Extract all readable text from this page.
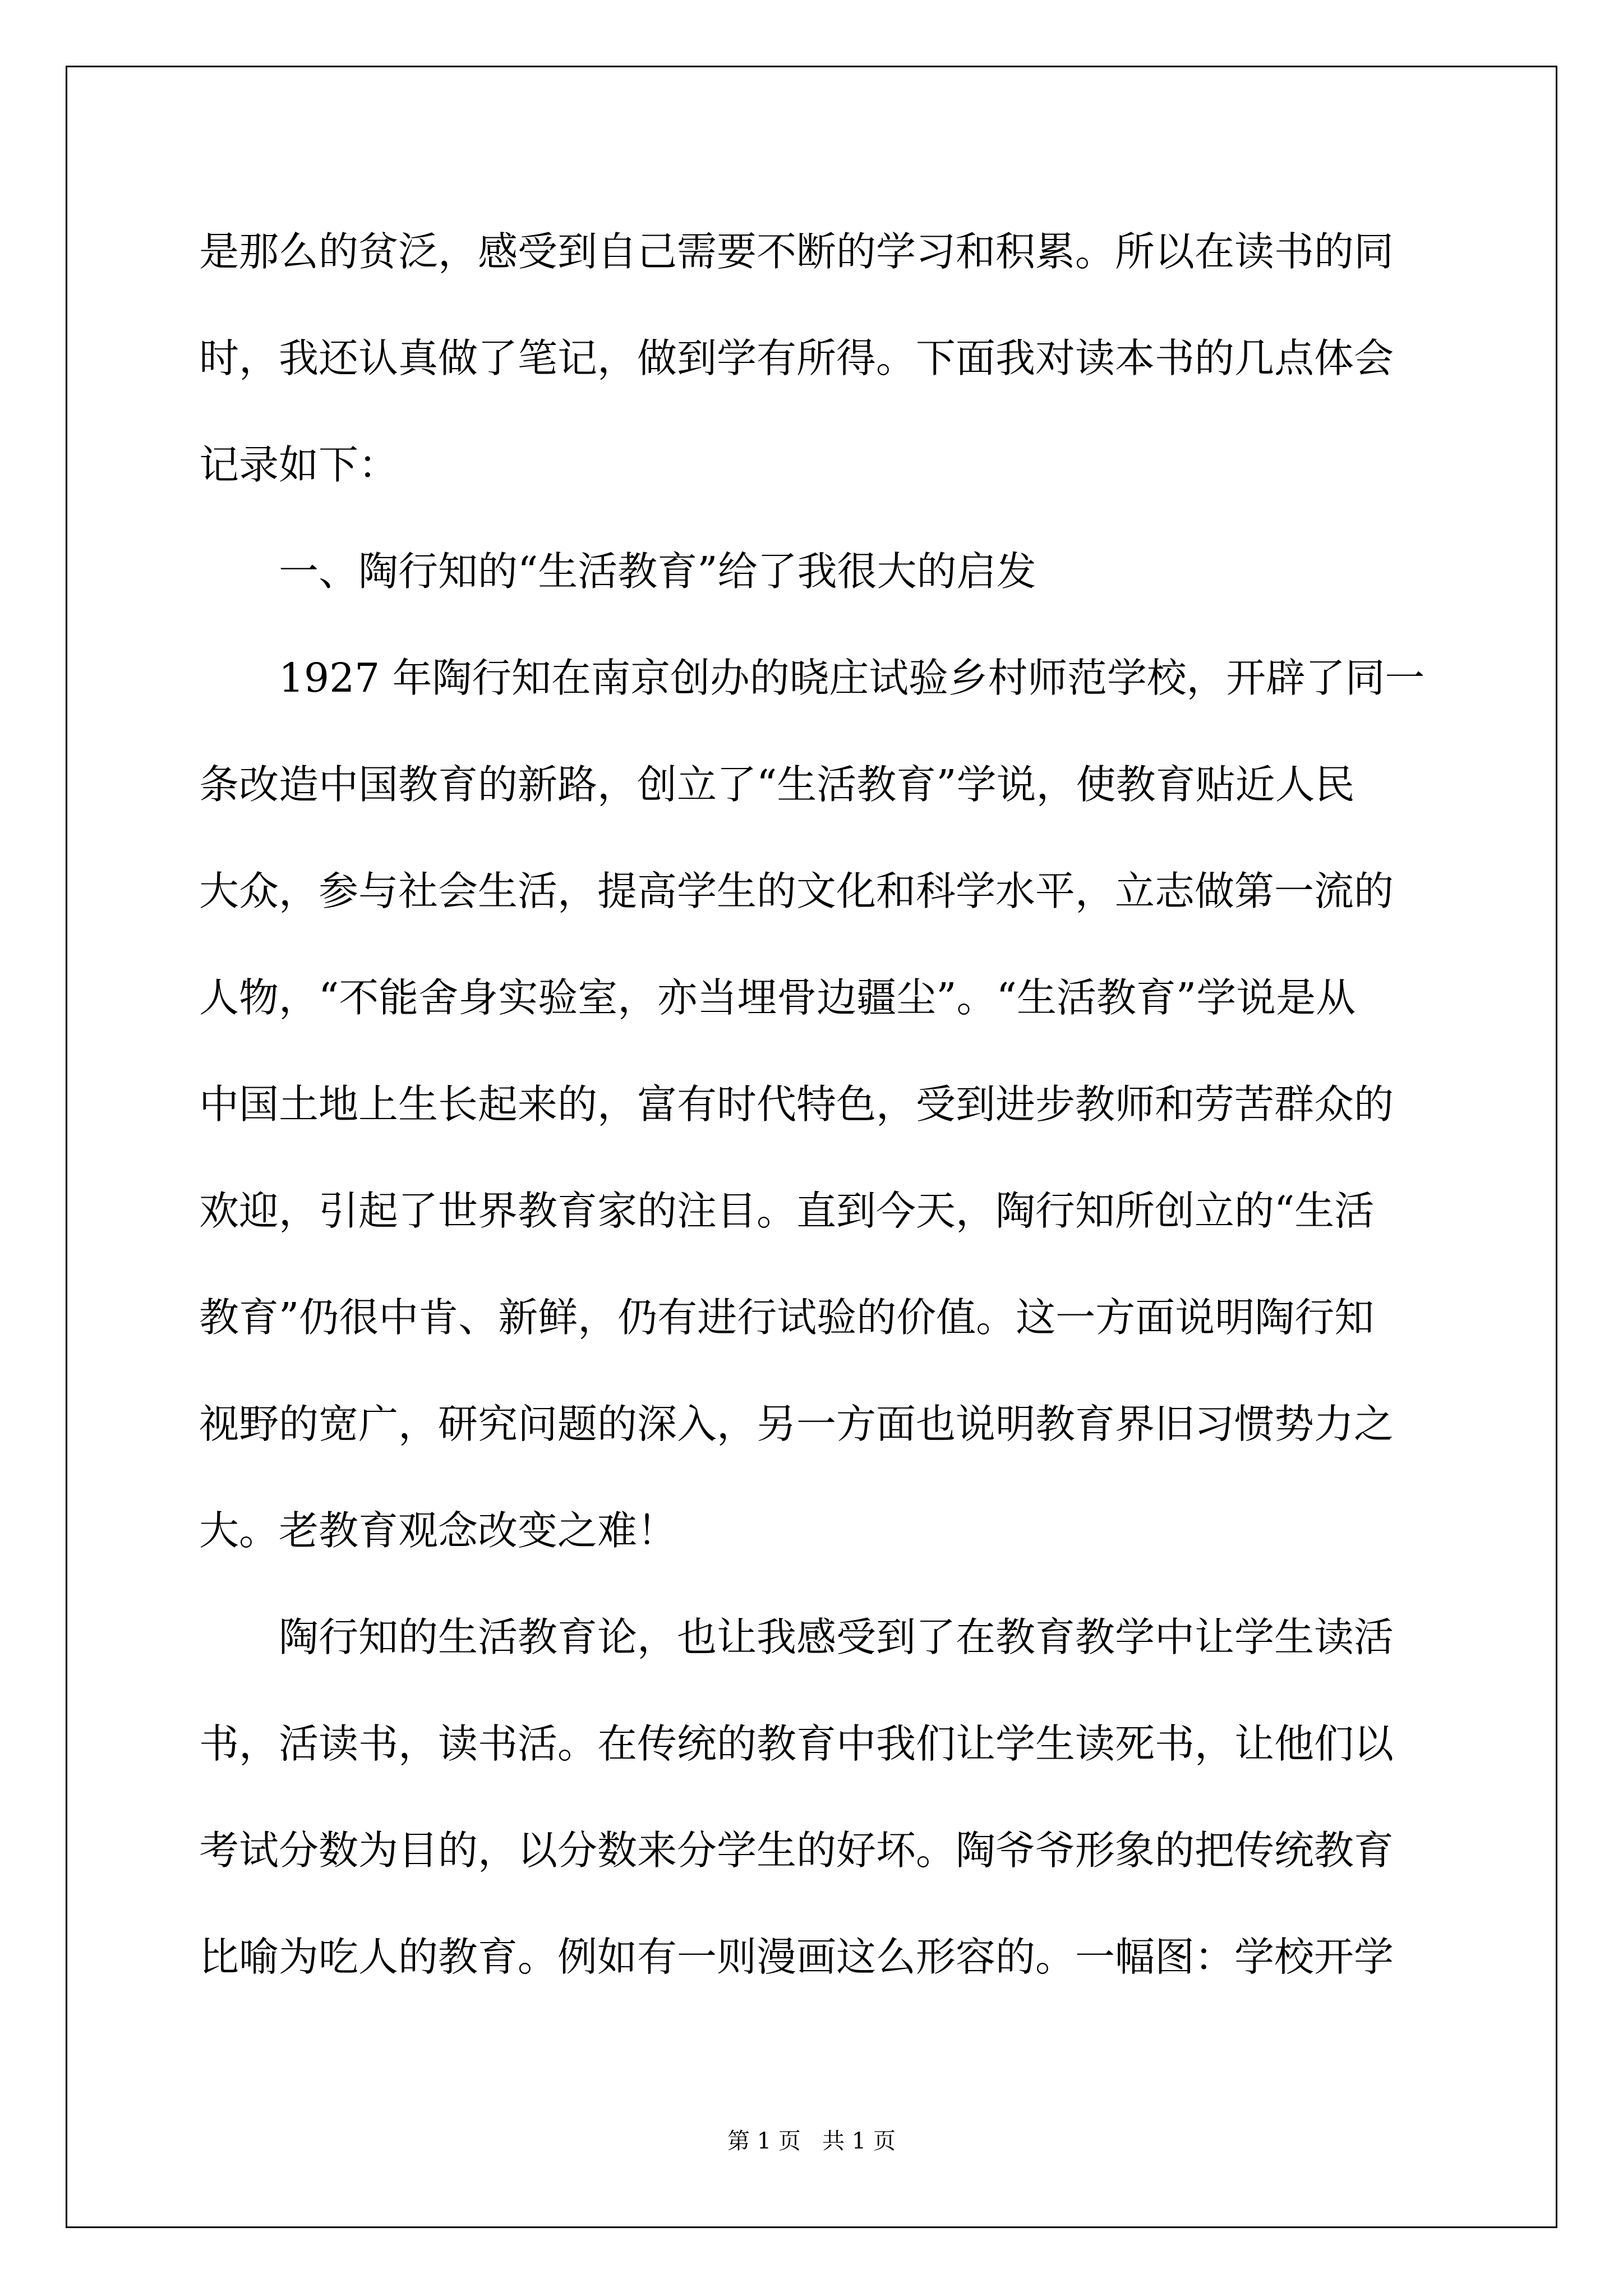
是那么的贫泛，感受到自己需要不断的学习和积累。所以在读书的同
时，我还认真做了笔记，做到学有所得。下面我对读本书的几点体会
记录如下：
一、陶行知的“生活教育”给了我很大的启发
1927 年陶行知在南京创办的晓庄试验乡村师范学校，开辟了同一
条改造中国教育的新路，创立了“生活教育”学说，使教育贴近人民
大众，参与社会生活，提高学生的文化和科学水平，立志做第一流的
人物，“不能舍身实验室，亦当埋骨边疆尘”。“生活教育”学说是从
中国土地上生长起来的，富有时代特色，受到进步教师和劳苦群众的
欢迎，引起了世界教育家的注目。直到今天，陶行知所创立的“生活
教育”仍很中肯、新鲜，仍有进行试验的价值。这一方面说明陶行知
视野的宽广，研究问题的深入，另一方面也说明教育界旧习惯势力之
大。老教育观念改变之难！
陶行知的生活教育论，也让我感受到了在教育教学中让学生读活
书，活读书，读书活。在传统的教育中我们让学生读死书，让他们以
考试分数为目的，以分数来分学生的好坏。陶爷爷形象的把传统教育
比喻为吃人的教育。例如有一则漫画这么形容的。一幅图：学校开学
第 1 页   共 1 页
